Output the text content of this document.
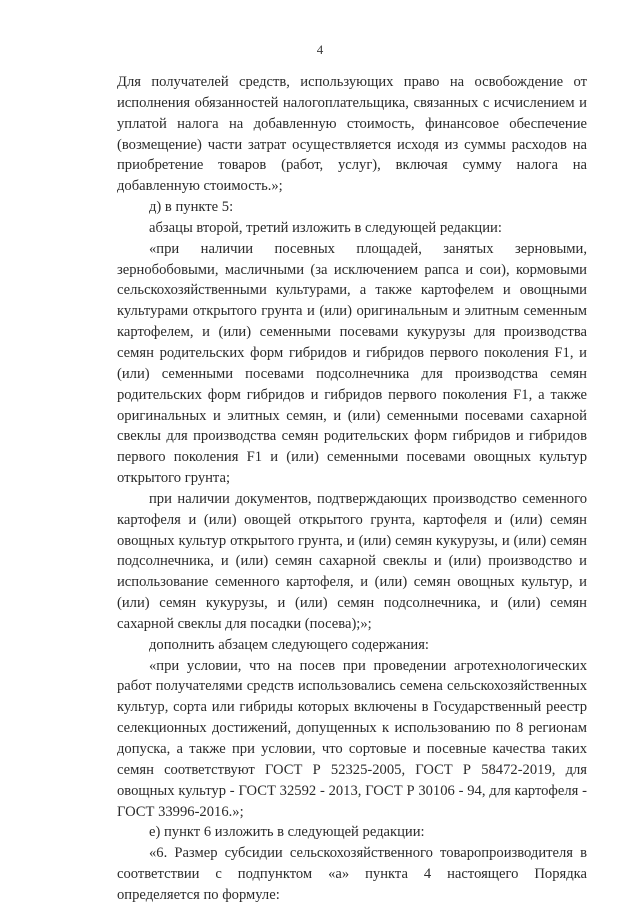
4

Для получателей средств, использующих право на освобождение от исполнения обязанностей налогоплательщика, связанных с исчислением и уплатой налога на добавленную стоимость, финансовое обеспечение (возмещение) части затрат осуществляется исходя из суммы расходов на приобретение товаров (работ, услуг), включая сумму налога на добавленную стоимость.»;

д) в пункте 5:

абзацы второй, третий изложить в следующей редакции:

«при наличии посевных площадей, занятых зерновыми, зернобобовыми, масличными (за исключением рапса и сои), кормовыми сельскохозяйственными культурами, а также картофелем и овощными культурами открытого грунта и (или) оригинальным и элитным семенным картофелем, и (или) семенными посевами кукурузы для производства семян родительских форм гибридов и гибридов первого поколения F1, и (или) семенными посевами подсолнечника для производства семян родительских форм гибридов и гибридов первого поколения F1, а также оригинальных и элитных семян, и (или) семенными посевами сахарной свеклы для производства семян родительских форм гибридов и гибридов первого поколения F1 и (или) семенными посевами овощных культур открытого грунта;

при наличии документов, подтверждающих производство семенного картофеля и (или) овощей открытого грунта, картофеля и (или) семян овощных культур открытого грунта, и (или) семян кукурузы, и (или) семян подсолнечника, и (или) семян сахарной свеклы и (или) производство и использование семенного картофеля, и (или) семян овощных культур, и (или) семян кукурузы, и (или) семян подсолнечника, и (или) семян сахарной свеклы для посадки (посева);»;

дополнить абзацем следующего содержания:

«при условии, что на посев при проведении агротехнологических работ получателями средств использовались семена сельскохозяйственных культур, сорта или гибриды которых включены в Государственный реестр селекционных достижений, допущенных к использованию по 8 регионам допуска, а также при условии, что сортовые и посевные качества таких семян соответствуют ГОСТ Р 52325-2005, ГОСТ Р 58472-2019, для овощных культур - ГОСТ 32592 - 2013, ГОСТ Р 30106 - 94, для картофеля - ГОСТ 33996-2016.»;

е) пункт 6 изложить в следующей редакции:

«6. Размер субсидии сельскохозяйственного товаропроизводителя в соответствии с подпунктом «а» пункта 4 настоящего Порядка определяется по формуле:
